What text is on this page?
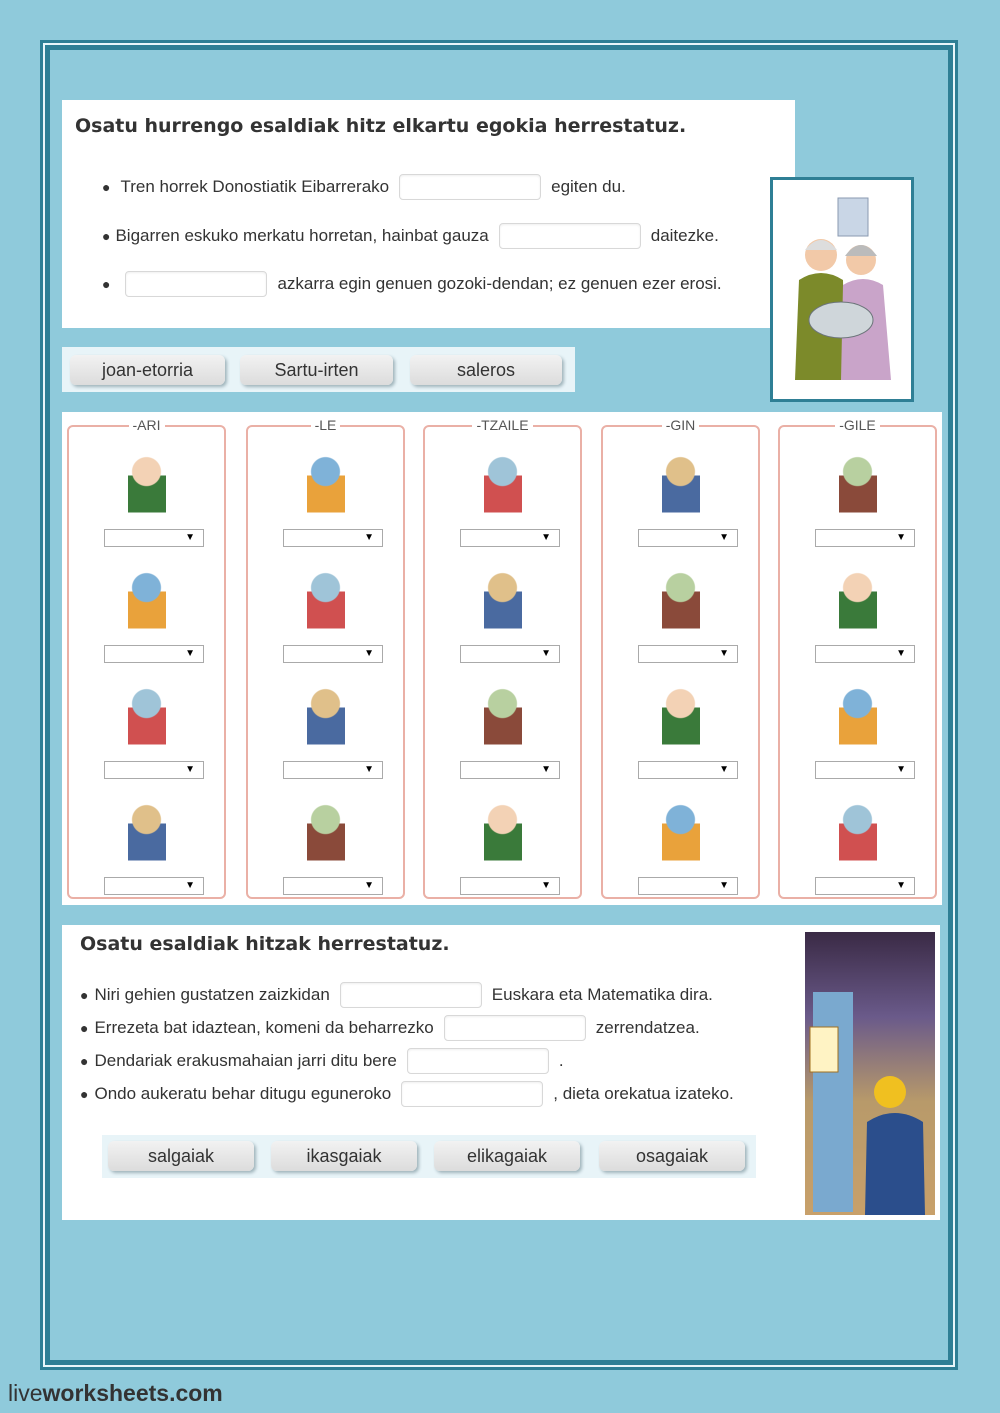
Osatu hurrengo esaldiak hitz elkartu egokia herrestatuz.
● Tren horrek Donostiatik Eibarrerako	egiten du.
● Bigarren eskuko merkatu horretan, hainbat gauza	daitezke.
●	azkarra egin genuen gozoki-dendan; ez genuen ezer erosi.
joan-etorria	Sartu-irten	saleros
-ARI
▼
▼
▼
▼
-LE
▼
▼
▼
▼
-TZAILE
▼
▼
▼
▼
-GIN
▼
▼
▼
▼
-GILE
▼
▼
▼
▼
Osatu esaldiak hitzak herrestatuz.
● Niri gehien gustatzen zaizkidan	Euskara eta Matematika dira.
● Errezeta bat idaztean, komeni da beharrezko	zerrendatzea.
● Dendariak erakusmahaian jarri ditu bere	.
● Ondo aukeratu behar ditugu eguneroko	, dieta orekatua izateko.
salgaiak	ikasgaiak	elikagaiak	osagaiak
liveworksheets.com
